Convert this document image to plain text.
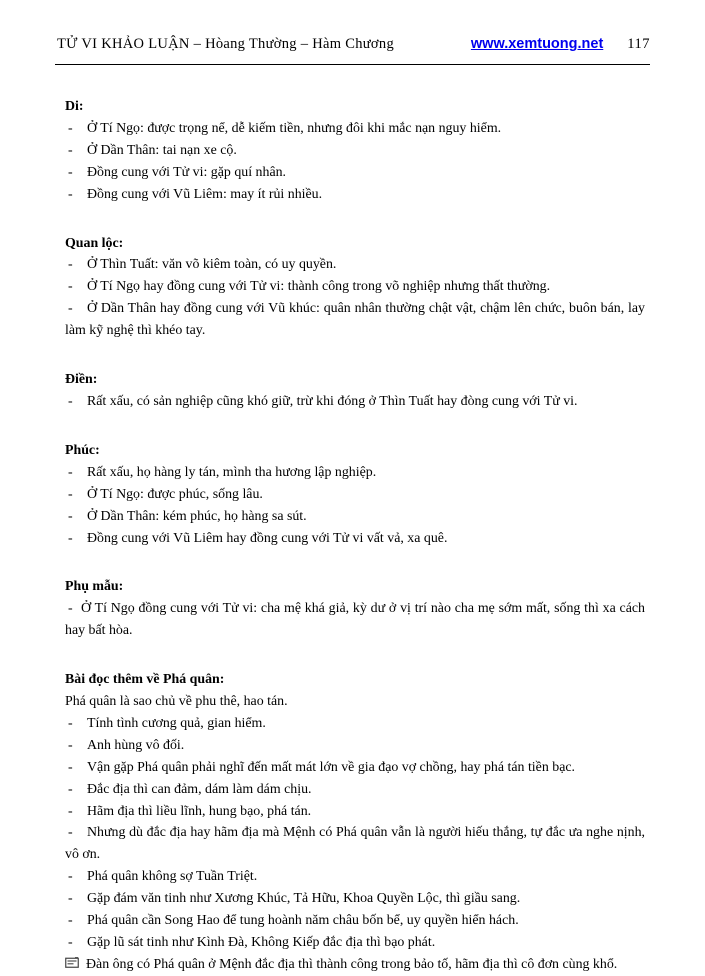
TỬ VI KHẢO LUẬN – Hòang Thường – Hàm Chương	www.xemtuong.net 117
Di:

- Ở Tí Ngọ: được trọng nể, dễ kiếm tiền, nhưng đôi khi mắc nạn nguy hiểm.

- Ở Dần Thân: tai nạn xe cộ.

- Đồng cung với Tử vi: gặp quí nhân.

- Đồng cung với Vũ Liêm: may ít rủi nhiều.

Quan lộc:

- Ở Thìn Tuất: văn võ kiêm toàn, có uy quyền.

- Ở Tí Ngọ hay đồng cung với Tử vi: thành công trong võ nghiệp nhưng thất thường.

- Ở Dần Thân hay đồng cung với Vũ khúc: quân nhân thường chật vật, chậm lên chức, buôn bán, lay làm kỹ nghệ thì khéo tay.

Điền:

- Rất xấu, có sản nghiệp cũng khó giữ, trừ khi đóng ở Thìn Tuất hay đòng cung với Tử vi.

Phúc:

- Rất xấu, họ hàng ly tán, mình tha hương lập nghiệp.

- Ở Tí Ngọ: được phúc, sống lâu.

- Ở Dần Thân: kém phúc, họ hàng sa sút.

- Đồng cung với Vũ Liêm hay đồng cung với Tử vi vất vả, xa quê.

Phụ mẫu:

- Ở Tí Ngọ đồng cung với Tử vi: cha mệ khá giả, kỳ dư ở vị trí nào cha mẹ sớm mất, sống thì xa cách hay bất hòa.

Bài đọc thêm về Phá quân:

Phá quân là sao chủ về phu thê, hao tán.

- Tính tình cương quả, gian hiểm.

- Anh hùng vô đối.

- Vận gặp Phá quân phải nghĩ đến mất mát lớn về gia đạo vợ chồng, hay phá tán tiền bạc.

- Đắc địa thì can đảm, dám làm dám chịu.

- Hãm địa thì liều lĩnh, hung bạo, phá tán.

- Nhưng dù đắc địa hay hãm địa mà Mệnh có Phá quân vẫn là người hiếu thắng, tự đắc ưa nghe nịnh, vô ơn.

- Phá quân không sợ Tuần Triệt.

- Gặp đám văn tinh như Xương Khúc, Tả Hữu, Khoa Quyền Lộc, thì giầu sang.

- Phá quân cần Song Hao để tung hoành năm châu bốn bể, uy quyền hiển hách.

- Gặp lũ sát tinh như Kình Đà, Không Kiếp đắc địa thì bạo phát.

Đàn ông có Phá quân ở Mệnh đắc địa thì thành công trong bảo tố, hãm địa thì cô đơn cùng khổ.
